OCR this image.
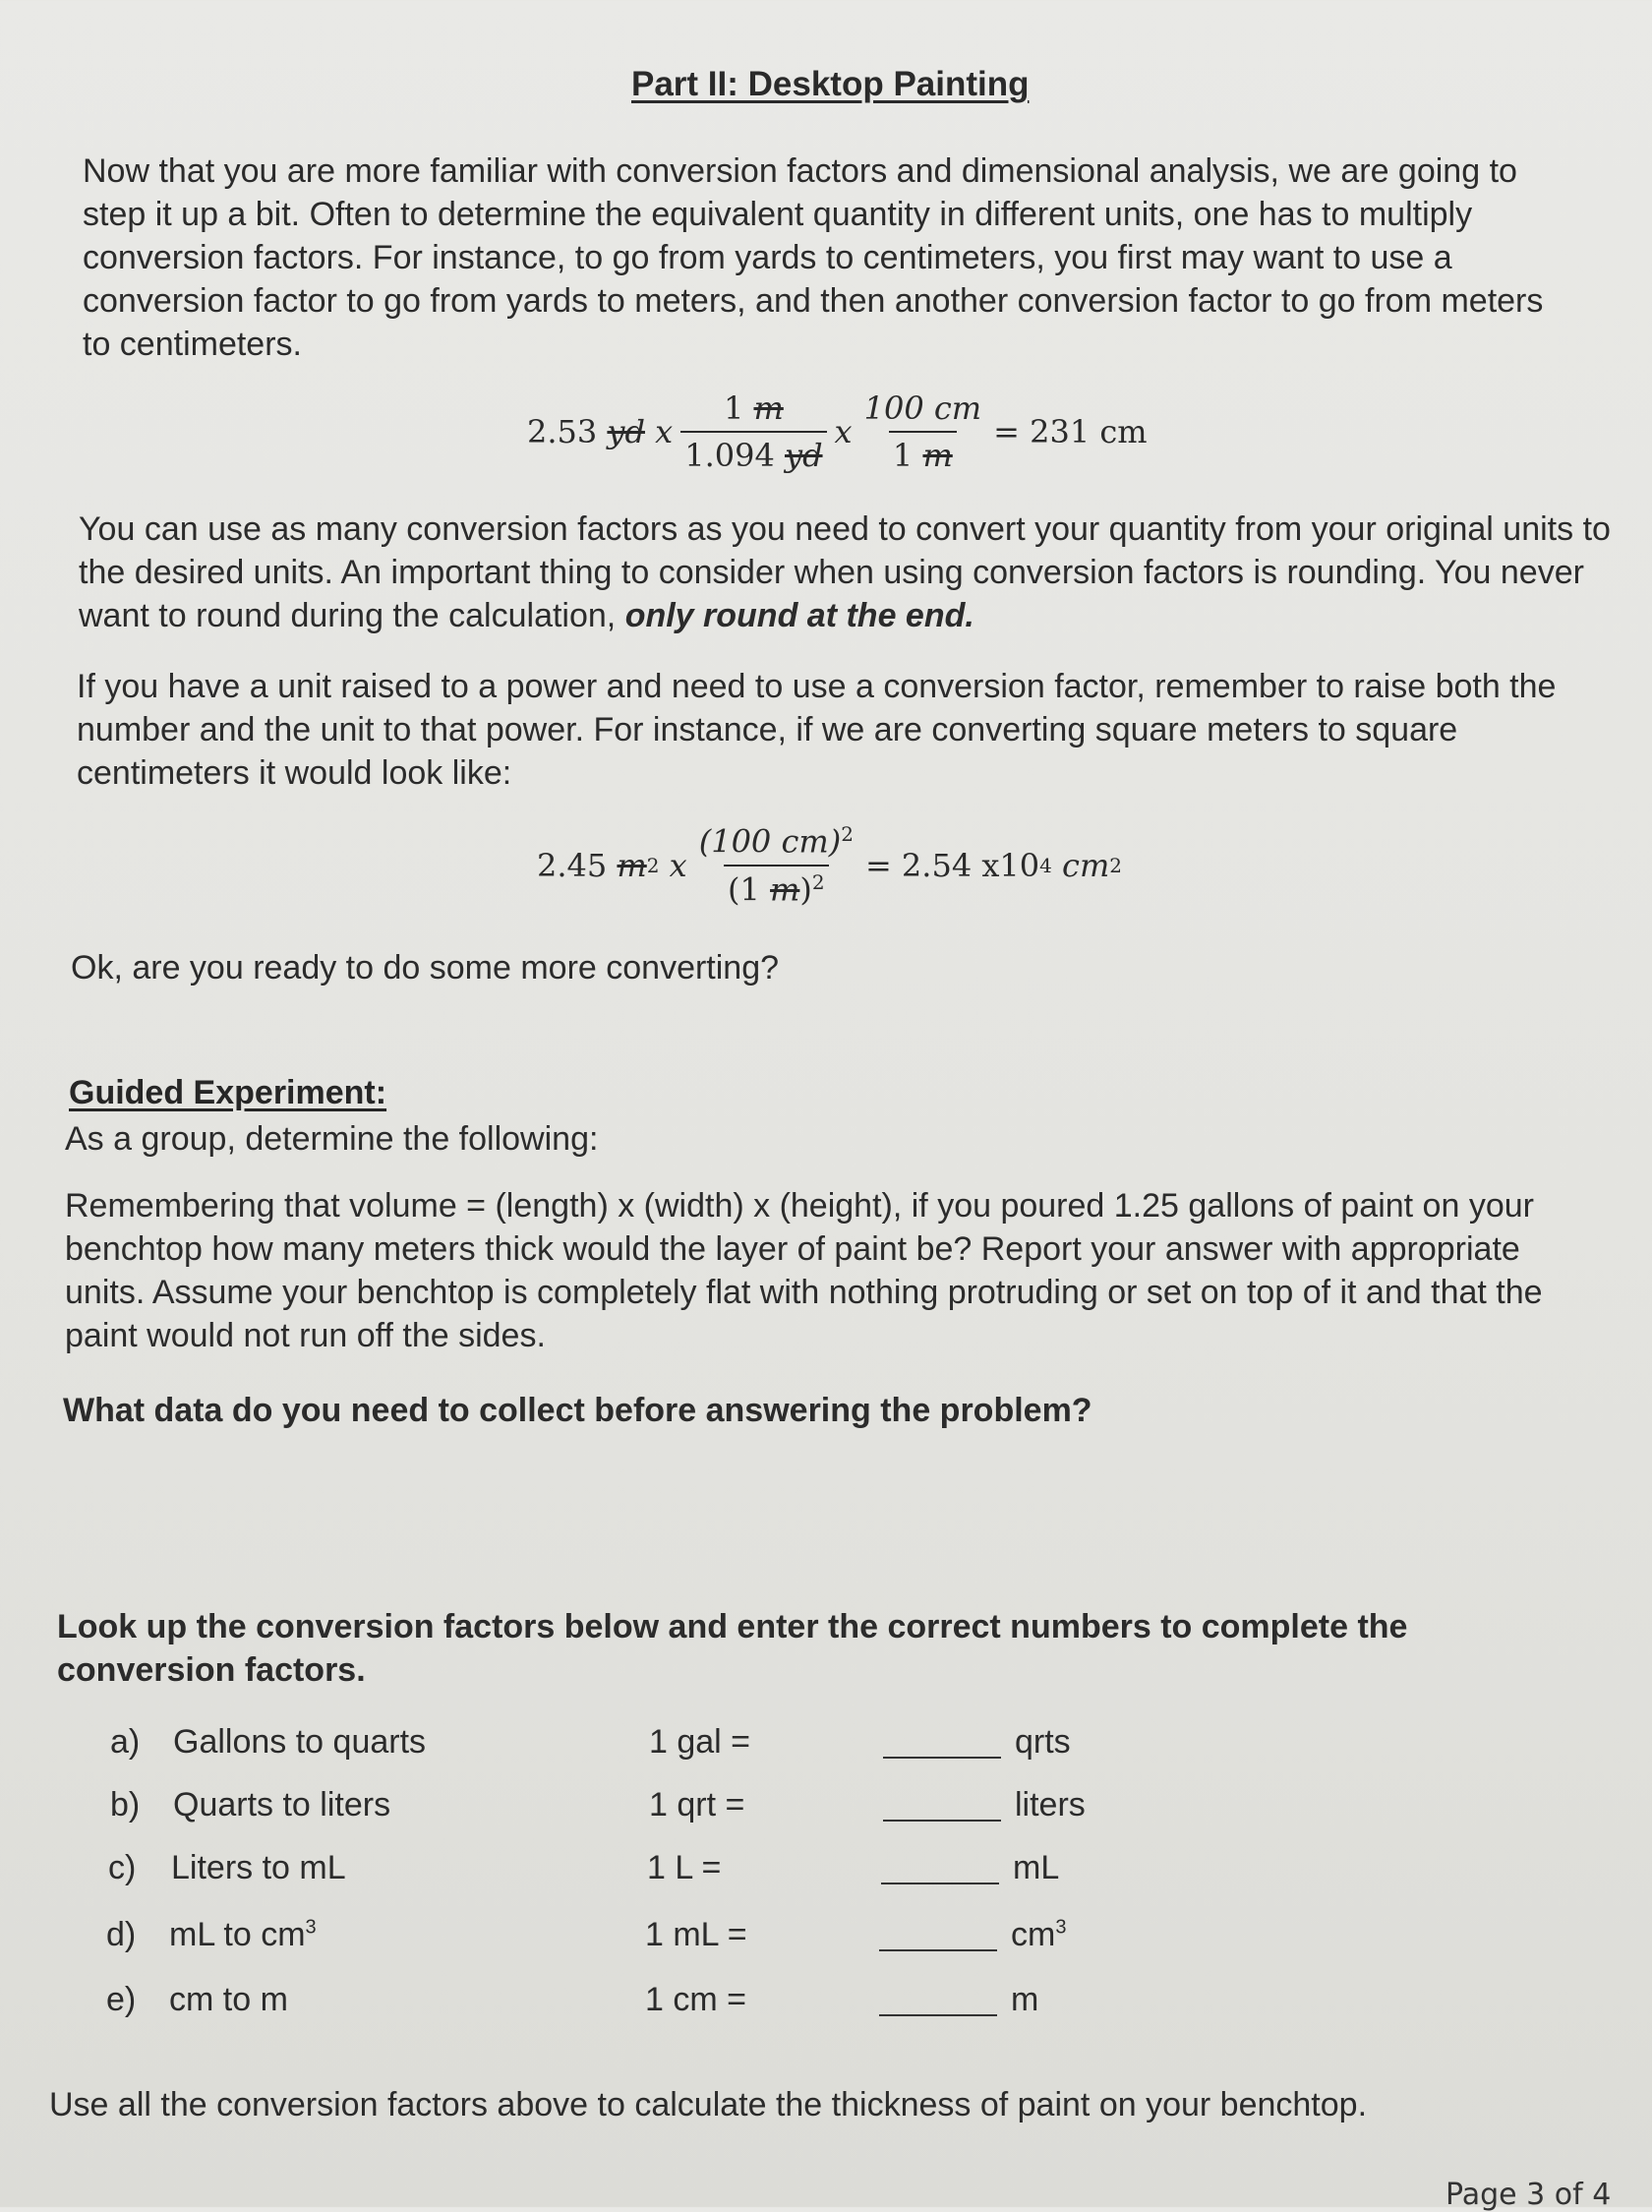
Part II: Desktop Painting
Now that you are more familiar with conversion factors and dimensional analysis, we are going to step it up a bit. Often to determine the equivalent quantity in different units, one has to multiply conversion factors. For instance, to go from yards to centimeters, you first may want to use a conversion factor to go from yards to meters, and then another conversion factor to go from meters to centimeters.
2.53
yd
x $\frac{1 m}{1.094 yd}$ x $\frac{100 cm}{1 m} = 231$ cm
You can use as many conversion factors as you need to convert your quantity from your original units to the desired units. An important thing to consider when using conversion factors is rounding. You never want to round during the calculation, only round at the end.
If you have a unit raised to a power and need to use a conversion factor, remember to raise both the number and the unit to that power. For instance, if we are converting square meters to square centimeters it would look like:
2.45
m 2
x $\frac{(100 cm)^2}{(1 m)^2} = 2.54$ x10 4
cm 2
Ok, are you ready to do some more converting?
Guided Experiment:
As a group, determine the following:
Remembering that volume = (length) x (width) x (height), if you poured 1.25 gallons of paint on your benchtop how many meters thick would the layer of paint be? Report your answer with appropriate units. Assume your benchtop is completely flat with nothing protruding or set on top of it and that the paint would not run off the sides.
What data do you need to collect before answering the problem?
Look up the conversion factors below and enter the correct numbers to complete the conversion factors.
a) Gallons to quarts	1 gal =	qrts
b) Quarts to liters	1 qrt =	liters
c) Liters to mL	1 L =	mL
d) mL to $cm^3$	1 mL =	$cm^3$
e) cm to m	1 cm =	m
Use all the conversion factors above to calculate the thickness of paint on your benchtop.
Page 3 of 4
